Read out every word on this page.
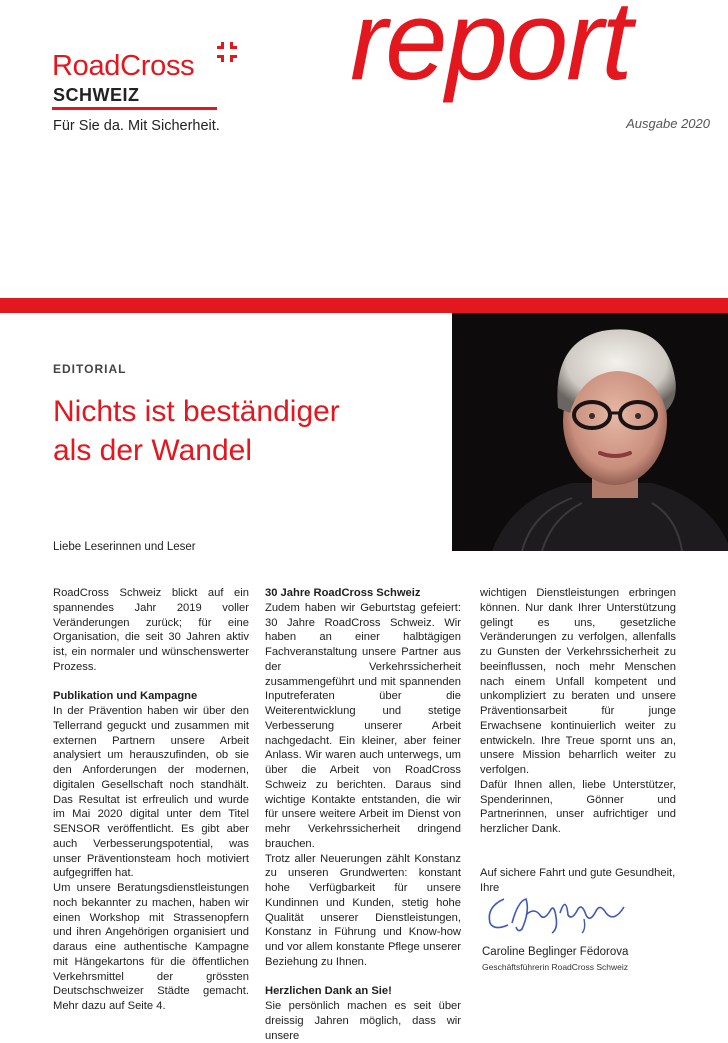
RoadCross
SCHWEIZ
Für Sie da. Mit Sicherheit.
report
Ausgabe 2020
EDITORIAL
Nichts ist beständiger
als der Wandel
Liebe Leserinnen und Leser

RoadCross Schweiz blickt auf ein spannendes Jahr 2019 voller Veränderungen zurück; für eine Organisation, die seit 30 Jahren aktiv ist, ein normaler und wünschenswerter Prozess.

Publikation und Kampagne

In der Prävention haben wir über den Tellerrand geguckt und zusammen mit externen Partnern unsere Arbeit analysiert um herauszufinden, ob sie den Anforderungen der modernen, digitalen Gesellschaft noch standhält. Das Resultat ist erfreulich und wurde im Mai 2020 digital unter dem Titel SENSOR veröffentlicht. Es gibt aber auch Verbesserungspotential, was unser Präventionsteam hoch motiviert aufgegriffen hat.

Um unsere Beratungsdienstleistungen noch bekannter zu machen, haben wir einen Workshop mit Strassenopfern und ihren Angehörigen organisiert und daraus eine authentische Kampagne mit Hängekartons für die öffentlichen Verkehrsmittel der grössten Deutschschweizer Städte gemacht. Mehr dazu auf Seite 4.

30 Jahre RoadCross Schweiz

Zudem haben wir Geburtstag gefeiert: 30 Jahre RoadCross Schweiz. Wir haben an einer halbtägigen Fachveranstaltung unsere Partner aus der Verkehrssicherheit zusammengeführt und mit spannenden Inputreferaten über die Weiterentwicklung und stetige Verbesserung unserer Arbeit nachgedacht. Ein kleiner, aber feiner Anlass. Wir waren auch unterwegs, um über die Arbeit von RoadCross Schweiz zu berichten. Daraus sind wichtige Kontakte entstanden, die wir für unsere weitere Arbeit im Dienst von mehr Verkehrssicherheit dringend brauchen.

Trotz aller Neuerungen zählt Konstanz zu unseren Grundwerten: konstant hohe Verfügbarkeit für unsere Kundinnen und Kunden, stetig hohe Qualität unserer Dienstleistungen, Konstanz in Führung und Know-how und vor allem konstante Pflege unserer Beziehung zu Ihnen.

Herzlichen Dank an Sie!

Sie persönlich machen es seit über dreissig Jahren möglich, dass wir unsere

wichtigen Dienstleistungen erbringen können. Nur dank Ihrer Unterstützung gelingt es uns, gesetzliche Veränderungen zu verfolgen, allenfalls zu Gunsten der Verkehrssicherheit zu beeinflussen, noch mehr Menschen nach einem Unfall kompetent und unkompliziert zu beraten und unsere Präventionsarbeit für junge Erwachsene kontinuierlich weiter zu entwickeln. Ihre Treue spornt uns an, unsere Mission beharrlich weiter zu verfolgen.

Dafür Ihnen allen, liebe Unterstützer, Spenderinnen, Gönner und Partnerinnen, unser aufrichtiger und herzlicher Dank.

Auf sichere Fahrt und gute Gesundheit,

Ihre

Caroline Beglinger Fëdorova
Geschäftsführerin RoadCross Schweiz
